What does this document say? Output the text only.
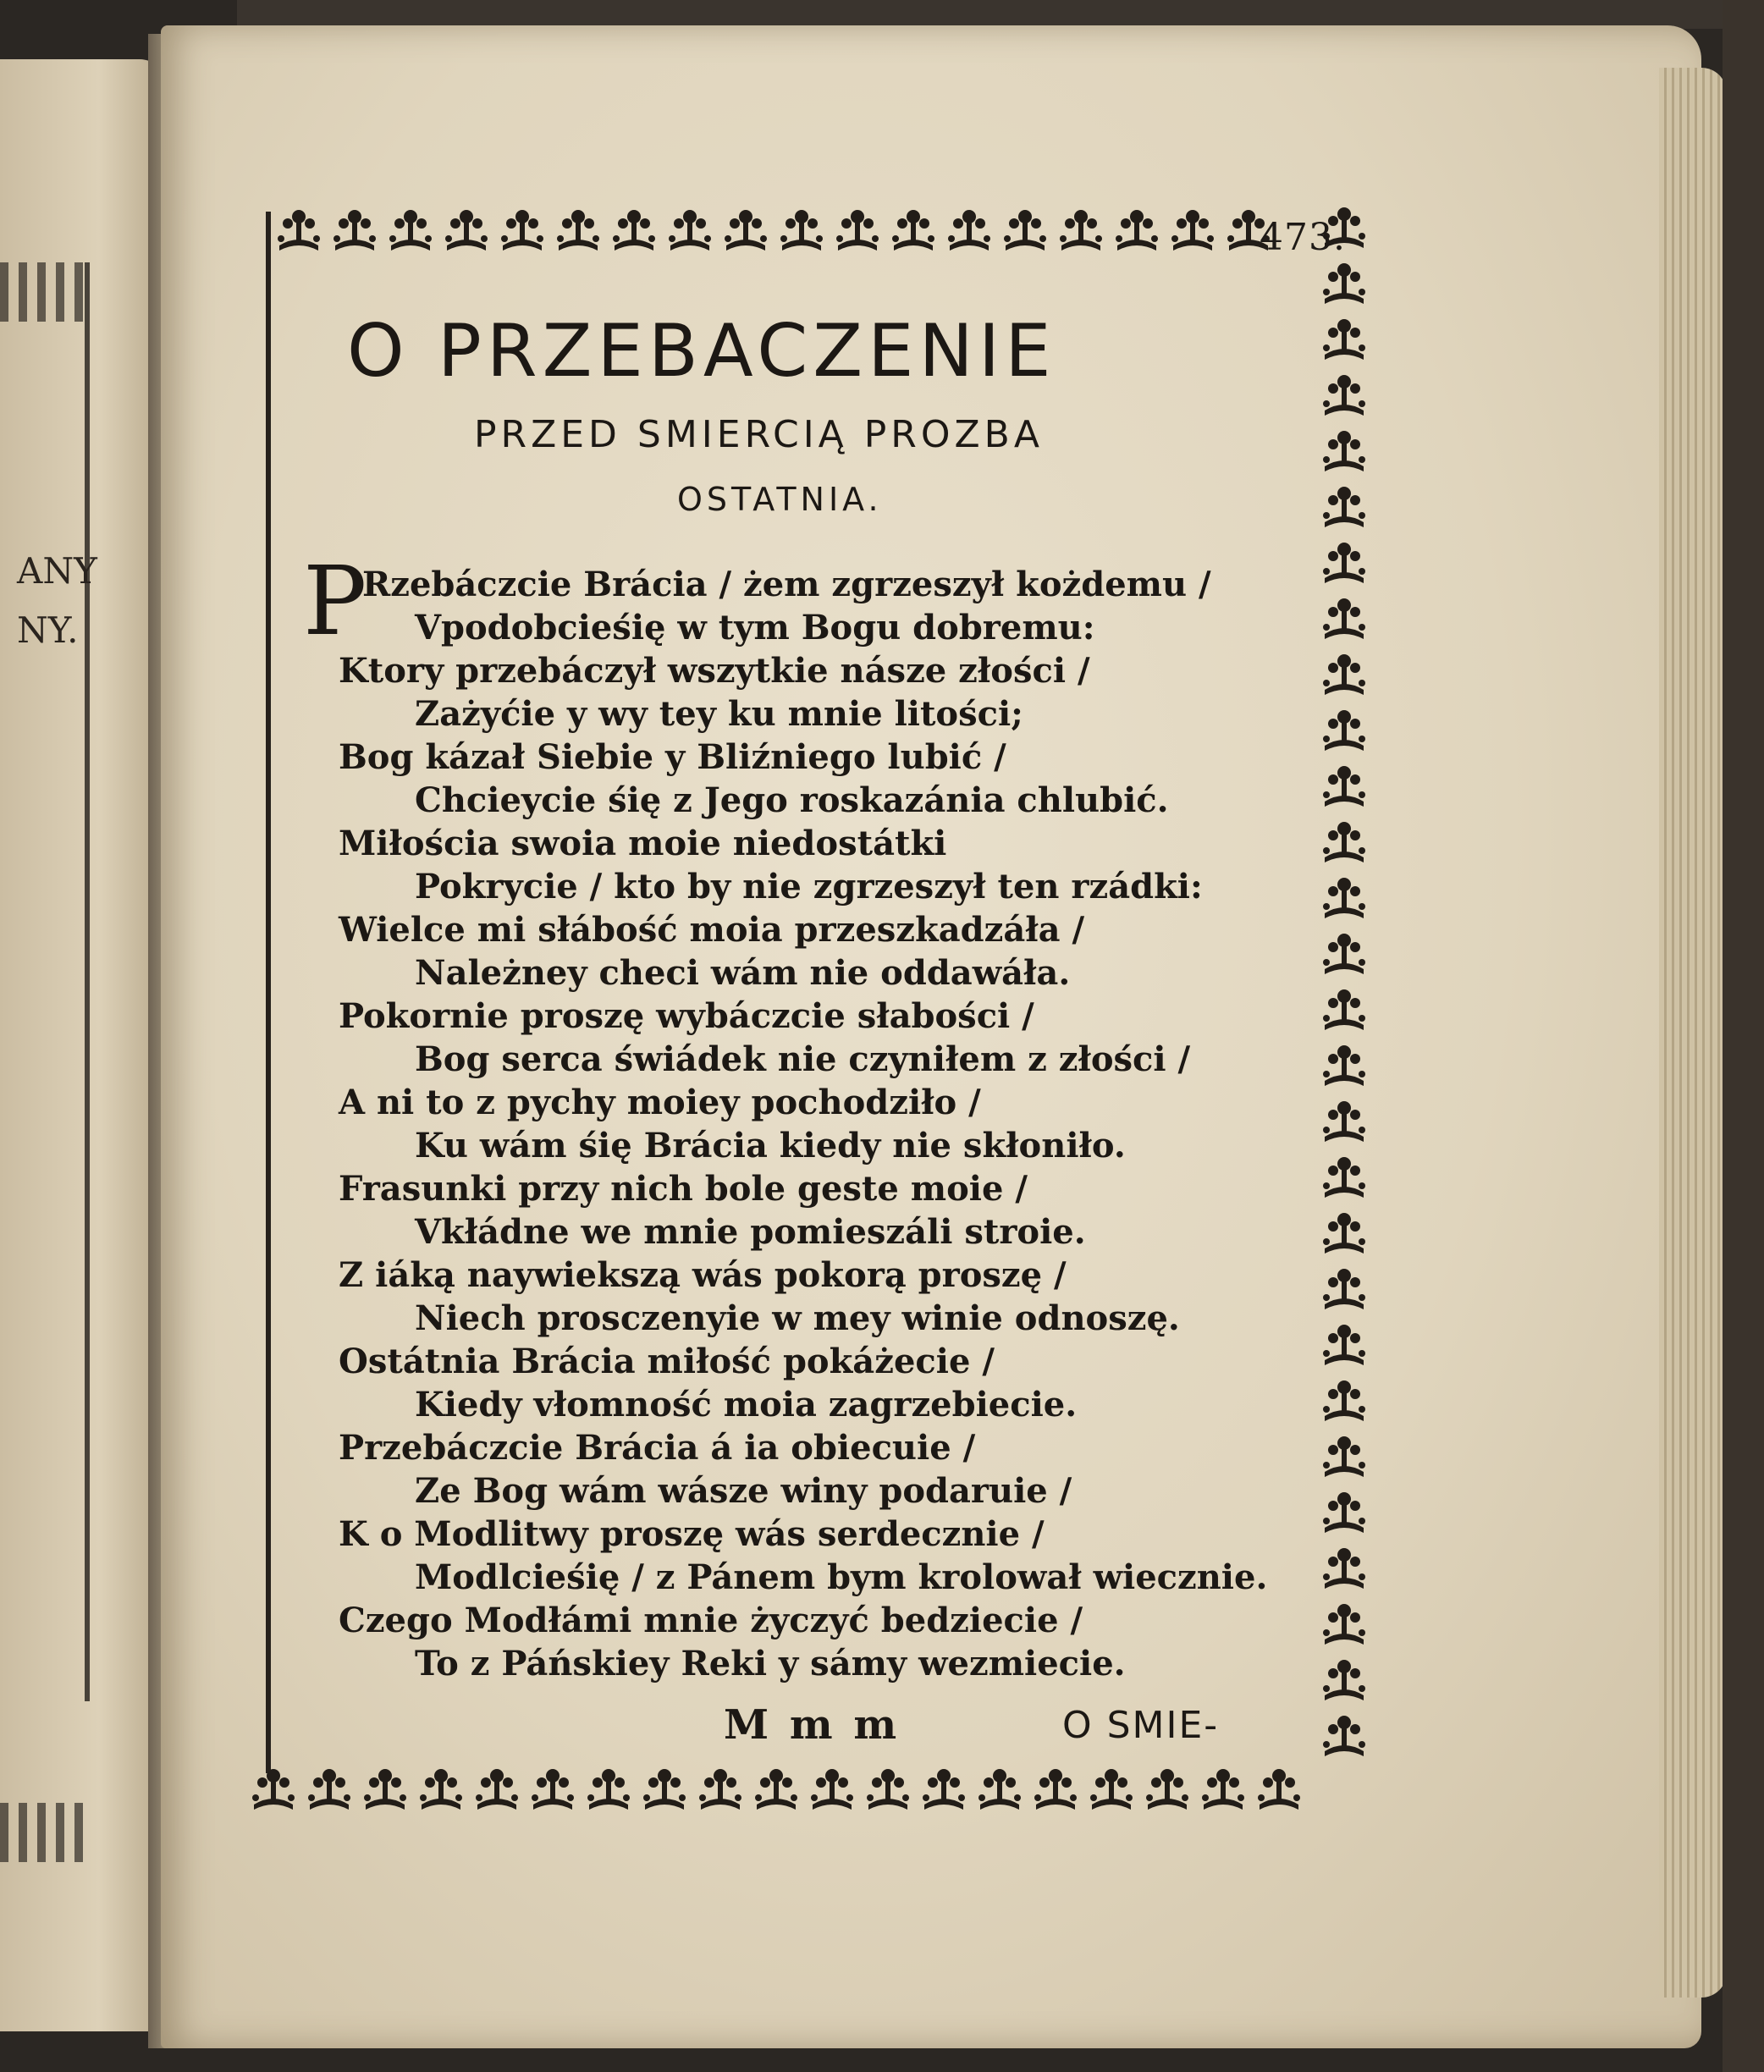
ANY
NY.
473.
O PRZEBACZENIE
PRZED SMIERCIĄ PROZBA
OSTATNIA.
P
Rzebáczcie Brácia / żem zgrzeszył kożdemu /
Vpodobcieśię w tym Bogu dobremu:
Ktory przebáczył wszytkie násze złości /
Zażyćie y wy tey ku mnie litości;
Bog kázał Siebie y Bliźniego lubić /
Chcieycie śię z Jego roskazánia chlubić.
Miłościa swoia moie niedostátki
Pokrycie / kto by nie zgrzeszył ten rzádki:
Wielce mi słábość moia przeszkadzáła /
Należney checi wám nie oddawáła.
Pokornie proszę wybáczcie słabości /
Bog serca świádek nie czyniłem z złości /
A ni to z pychy moiey pochodziło /
Ku wám śię Brácia kiedy nie skłoniło.
Frasunki przy nich bole geste moie /
Vkłádne we mnie pomieszáli stroie.
Z iáką naywiekszą wás pokorą proszę /
Niech prosczenyie w mey winie odnoszę.
Ostátnia Brácia miłość pokáżecie /
Kiedy vłomność moia zagrzebiecie.
Przebáczcie Brácia á ia obiecuie /
Ze Bog wám wásze winy podaruie /
K o Modlitwy proszę wás serdecznie /
Modlcieśię / z Pánem bym krolował wiecznie.
Czego Modłámi mnie życzyć bedziecie /
To z Páńskiey Reki y sámy wezmiecie.
M m m	O SMIE-
